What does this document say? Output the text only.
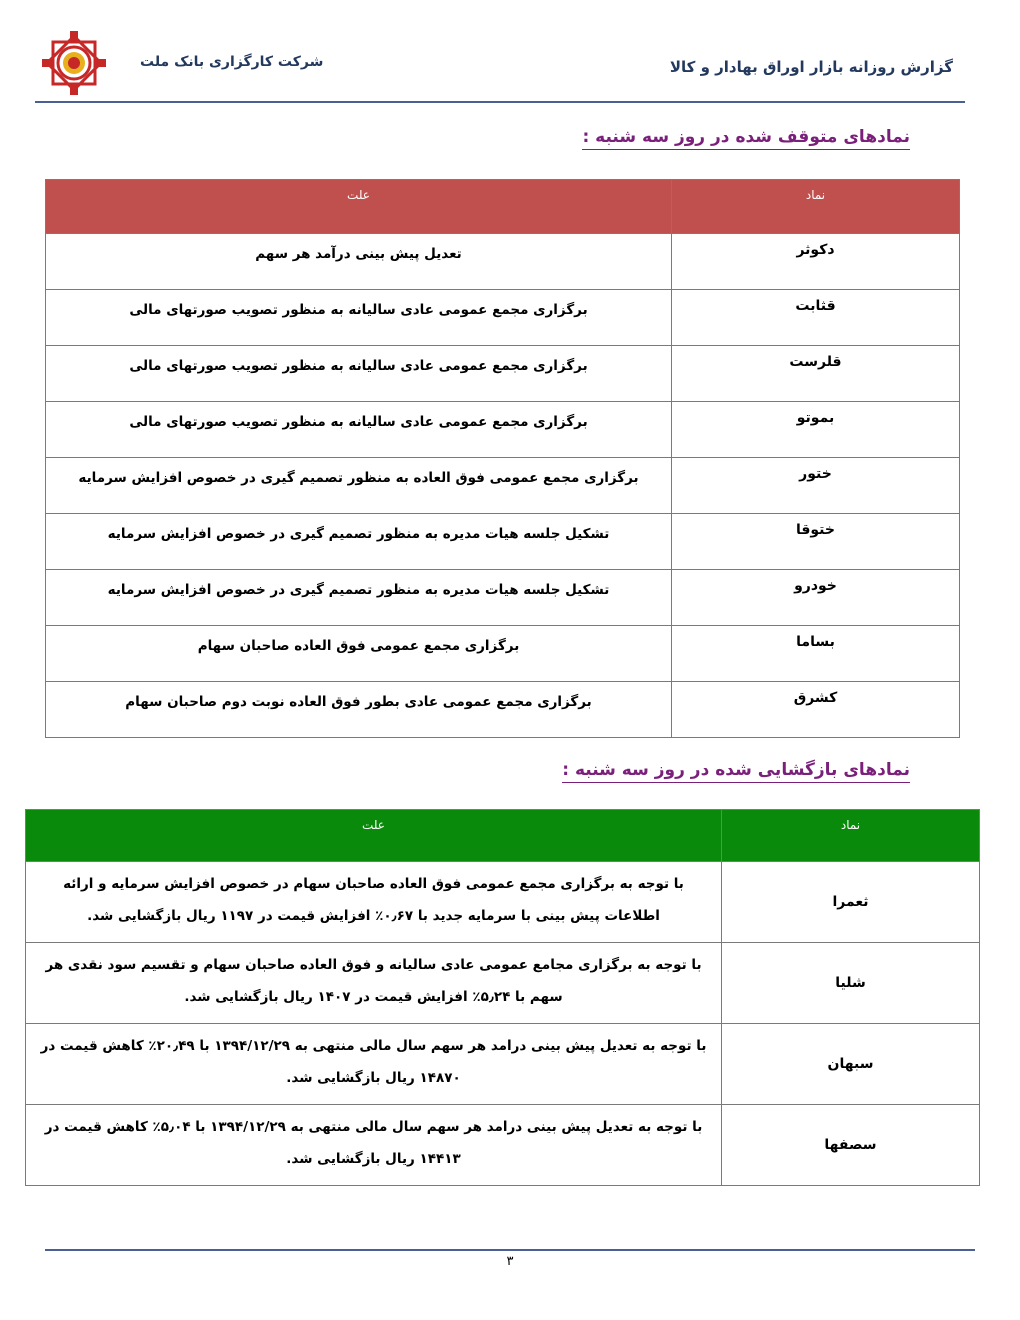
شرکت کارگزاری بانک ملت	گزارش روزانه بازار اوراق بهادار و کالا
نمادهای متوقف شده در روز سه شنبه :
نماد	علت
دکوثر	تعدیل پیش بینی درآمد هر سهم
قثابت	برگزاری مجمع عمومی عادی سالیانه به منظور تصویب صورتهای مالی
قلرست	برگزاری مجمع عمومی عادی سالیانه به منظور تصویب صورتهای مالی
بموتو	برگزاری مجمع عمومی عادی سالیانه به منظور تصویب صورتهای مالی
ختور	برگزاری مجمع عمومی فوق العاده به منظور تصمیم گیری در خصوص افزایش سرمایه
ختوقا	تشکیل جلسه هیات مدیره به منظور تصمیم گیری در خصوص افزایش سرمایه
خودرو	تشکیل جلسه هیات مدیره به منظور تصمیم گیری در خصوص افزایش سرمایه
بساما	برگزاری مجمع عمومی فوق العاده صاحبان سهام
کشرق	برگزاری مجمع عمومی عادی بطور فوق العاده نوبت دوم صاحبان سهام
نمادهای بازگشایی شده در روز سه شنبه :
نماد	علت
ثعمرا	با توجه به برگزاری مجمع عمومی فوق العاده صاحبان سهام در خصوص افزایش سرمایه و ارائه اطلاعات پیش بینی با سرمایه جدید با ۰٫۶۷٪ افزایش قیمت در ۱۱۹۷ ریال بازگشایی شد.
شلیا	با توجه به برگزاری مجامع عمومی عادی سالیانه و فوق العاده صاحبان سهام و تقسیم سود نقدی هر سهم با ۵٫۲۴٪ افزایش قیمت در ۱۴۰۷ ریال بازگشایی شد.
سبهان	با توجه به تعدیل پیش بینی درامد هر سهم سال مالی منتهی به ۱۳۹۴/۱۲/۲۹ با ۲۰٫۴۹٪ کاهش قیمت در ۱۴۸۷۰ ریال بازگشایی شد.
سصفها	با توجه به تعدیل پیش بینی درامد هر سهم سال مالی منتهی به ۱۳۹۴/۱۲/۲۹ با ۵٫۰۴٪ کاهش قیمت در ۱۴۴۱۳ ریال بازگشایی شد.
۳
